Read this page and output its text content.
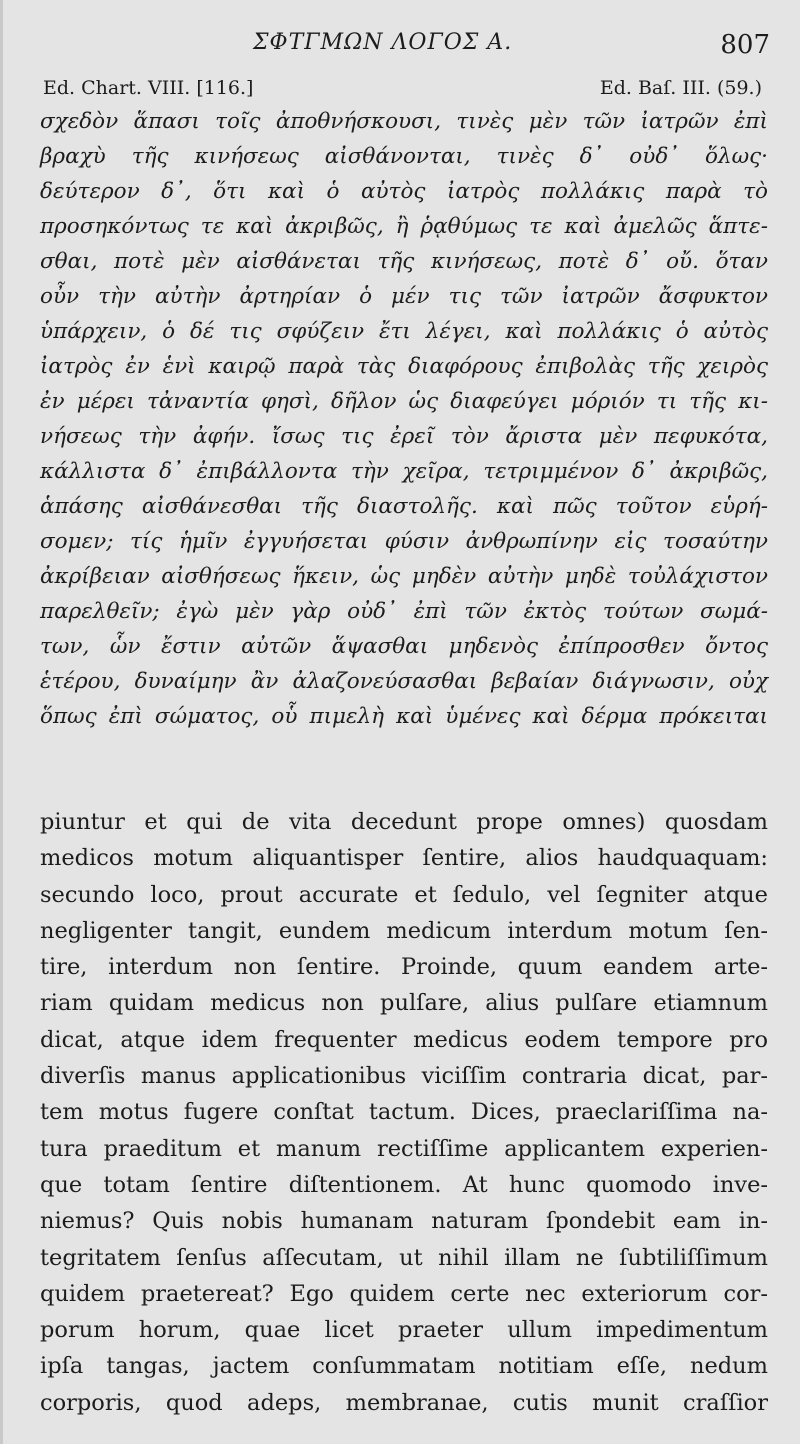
ΣΦΤΓΜΩΝ ΛΟΓΟΣ Α.	807
Ed. Chart. VIII. [116.]	Ed. Baſ. III. (59.)
σχεδὸν ἅπασι τοῖς ἀποθνήσκουσι, τινὲς μὲν τῶν ἰατρῶν ἐπὶ
βραχὺ τῆς κινήσεως αἰσθάνονται, τινὲς δ᾽ οὐδ᾽ ὅλως·
δεύτερον δ᾽, ὅτι καὶ ὁ αὐτὸς ἰατρὸς πολλάκις παρὰ τὸ
προσηκόντως τε καὶ ἀκριβῶς, ἢ ῥᾳθύμως τε καὶ ἀμελῶς ἅπτε-
σθαι, ποτὲ μὲν αἰσθάνεται τῆς κινήσεως, ποτὲ δ᾽ οὔ. ὅταν
οὖν τὴν αὐτὴν ἀρτηρίαν ὁ μέν τις τῶν ἰατρῶν ἄσφυκτον
ὑπάρχειν, ὁ δέ τις σφύζειν ἔτι λέγει, καὶ πολλάκις ὁ αὐτὸς
ἰατρὸς ἐν ἑνὶ καιρῷ παρὰ τὰς διαφόρους ἐπιβολὰς τῆς χειρὸς
ἐν μέρει τἀναντία φησὶ, δῆλον ὡς διαφεύγει μόριόν τι τῆς κι-
νήσεως τὴν ἀφήν. ἴσως τις ἐρεῖ τὸν ἄριστα μὲν πεφυκότα,
κάλλιστα δ᾽ ἐπιβάλλοντα τὴν χεῖρα, τετριμμένον δ᾽ ἀκριβῶς,
ἁπάσης αἰσθάνεσθαι τῆς διαστολῆς. καὶ πῶς τοῦτον εὑρή-
σομεν; τίς ἡμῖν ἐγγυήσεται φύσιν ἀνθρωπίνην εἰς τοσαύτην
ἀκρίβειαν αἰσθήσεως ἥκειν, ὡς μηδὲν αὐτὴν μηδὲ τοὐλάχιστον
παρελθεῖν; ἐγὼ μὲν γὰρ οὐδ᾽ ἐπὶ τῶν ἐκτὸς τούτων σωμά-
των, ὧν ἔστιν αὐτῶν ἅψασθαι μηδενὸς ἐπίπροσθεν ὄντος
ἑτέρου, δυναίμην ἂν ἀλαζονεύσασθαι βεβαίαν διάγνωσιν, οὐχ
ὅπως ἐπὶ σώματος, οὗ πιμελὴ καὶ ὑμένες καὶ δέρμα πρόκειται
piuntur et qui de vita decedunt prope omnes) quosdam
medicos motum aliquantisper ſentire, alios haudquaquam:
secundo loco, prout accurate et ſedulo, vel ſegniter atque
negligenter tangit, eundem medicum interdum motum ſen-
tire, interdum non ſentire. Proinde, quum eandem arte-
riam quidam medicus non pulſare, alius pulſare etiamnum
dicat, atque idem frequenter medicus eodem tempore pro
diverſis manus applicationibus viciſſim contraria dicat, par-
tem motus fugere conſtat tactum. Dices, praeclariſſima na-
tura praeditum et manum rectiſſime applicantem experien-
que totam ſentire diſtentionem. At hunc quomodo inve-
niemus? Quis nobis humanam naturam ſpondebit eam in-
tegritatem ſenſus aſſecutam, ut nihil illam ne ſubtiliſſimum
quidem praetereat? Ego quidem certe nec exteriorum cor-
porum horum, quae licet praeter ullum impedimentum
ipſa tangas, jactem conſummatam notitiam eſſe, nedum
corporis, quod adeps, membranae, cutis munit craſſior
